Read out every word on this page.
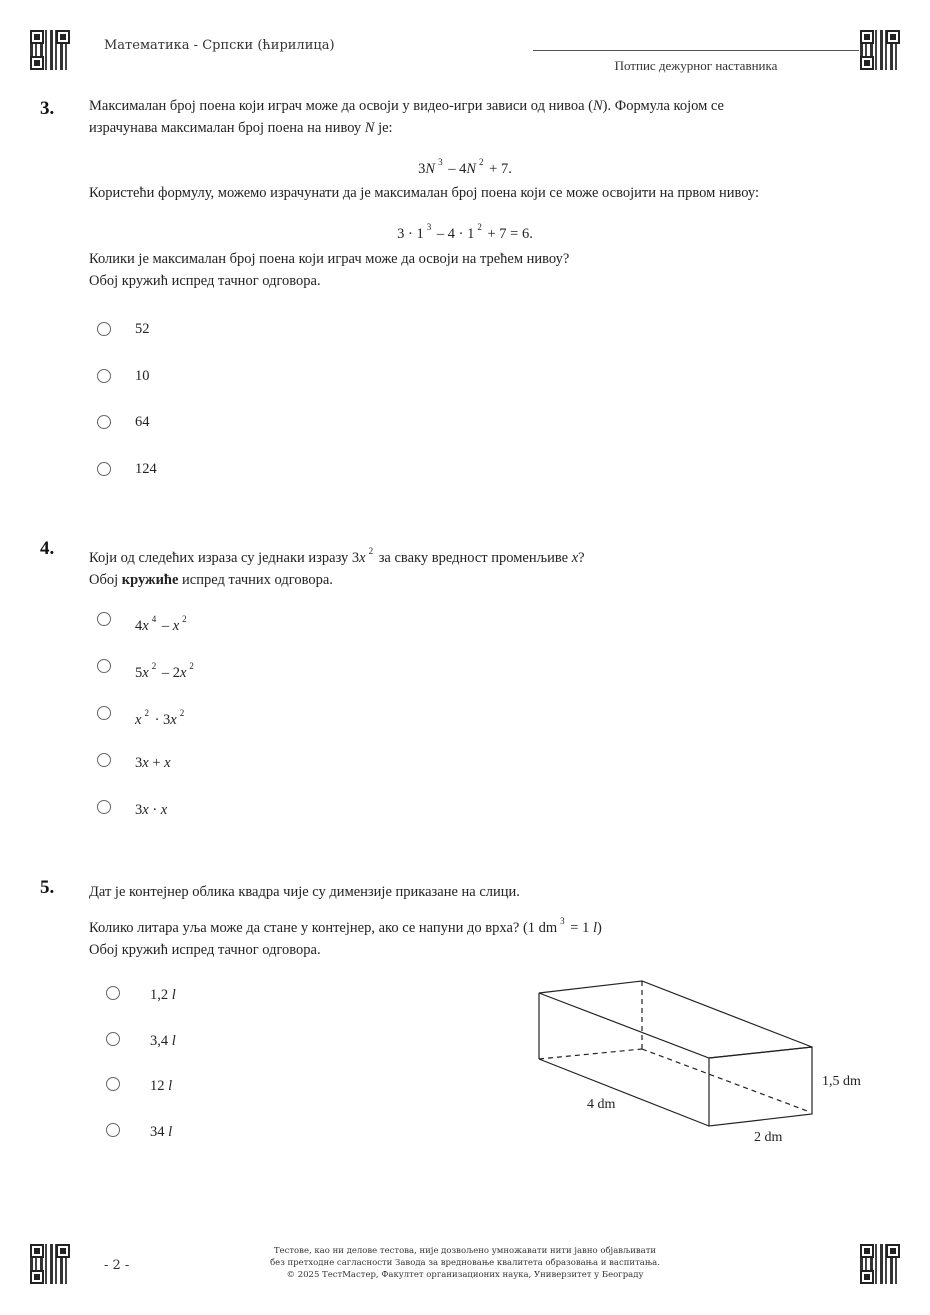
Математика - Српски (ћирилица)
Потпис дежурног наставника
3. Максималан број поена који играч може да освоји у видео-игри зависи од нивоа (N). Формула којом се
израчунава максималан број поена на нивоу N је:
3N $^3$ – 4N $^2$ + 7.
Користећи формулу, можемо израчунати да је максималан број поена који се може освојити на првом нивоу:
3 · 1 $^3$ – 4 · 1 $^2$ + 7 = 6.
Колики је максималан број поена који играч може да освоји на трећем нивоу?
Обој кружић испред тачног одговора.
52
10
64
124
4. Који од следећих израза су једнаки изразу 3x $^2$ за сваку вредност променљиве x?
Обој кружиће испред тачних одговора.
4x $^4$ – x $^2$
5x $^2$ – 2x $^2$
x $^2$ · 3x $^2$
3x + x
3x · x
5. Дат је контејнер облика квадра чије су димензије приказане на слици.
Колико литара уља може да стане у контејнер, ако се напуни до врха? (1 dm $^3$ = 1 l)
Обој кружић испред тачног одговора.
1,2 l
3,4 l
12 l
34 l
4 dm
2 dm
1,5 dm
- 2 -
Тестове, као ни делове тестова, није дозвољено умножавати нити јавно објављивати
без претходне сагласности Завода за вредновање квалитета образовања и васпитања.
© 2025 ТестМастер, Факултет организационих наука, Универзитет у Београду
